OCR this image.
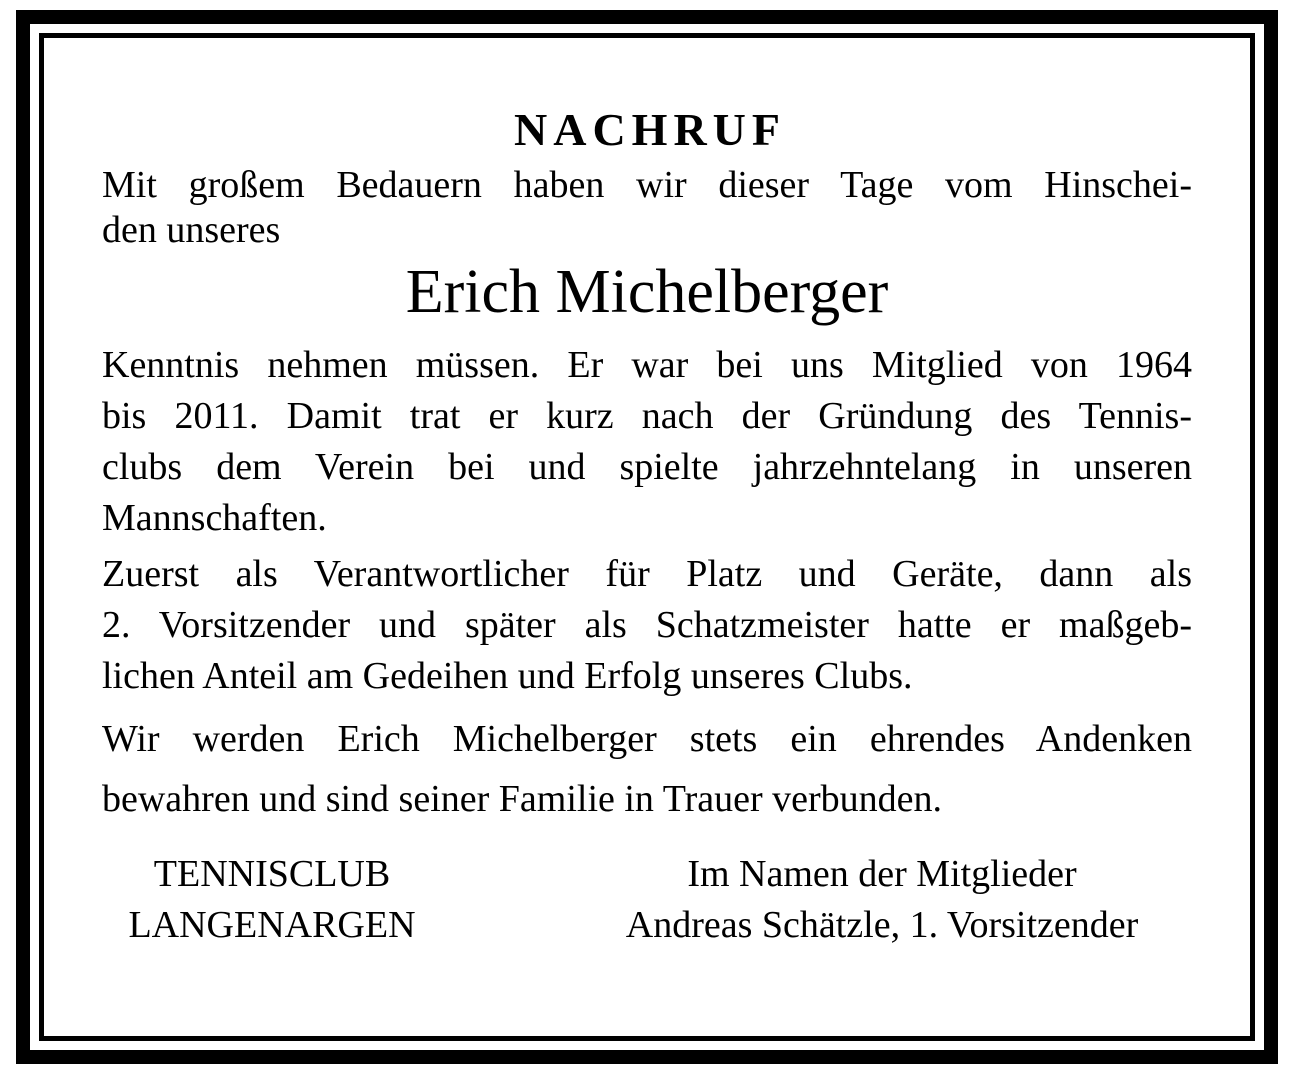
NACHRUF

Mit großem Bedauern haben wir dieser Tage vom Hinschei-
den unseres

Erich Michelberger

Kenntnis nehmen müssen. Er war bei uns Mitglied von 1964
bis 2011. Damit trat er kurz nach der Gründung des Tennis-
clubs dem Verein bei und spielte jahrzehntelang in unseren
Mannschaften.

Zuerst als Verantwortlicher für Platz und Geräte, dann als
2. Vorsitzender und später als Schatzmeister hatte er maßgeb-
lichen Anteil am Gedeihen und Erfolg unseres Clubs.

Wir werden Erich Michelberger stets ein ehrendes Andenken
bewahren und sind seiner Familie in Trauer verbunden.

TENNISCLUB
LANGENARGEN
Im Namen der Mitglieder
Andreas Schätzle, 1. Vorsitzender
